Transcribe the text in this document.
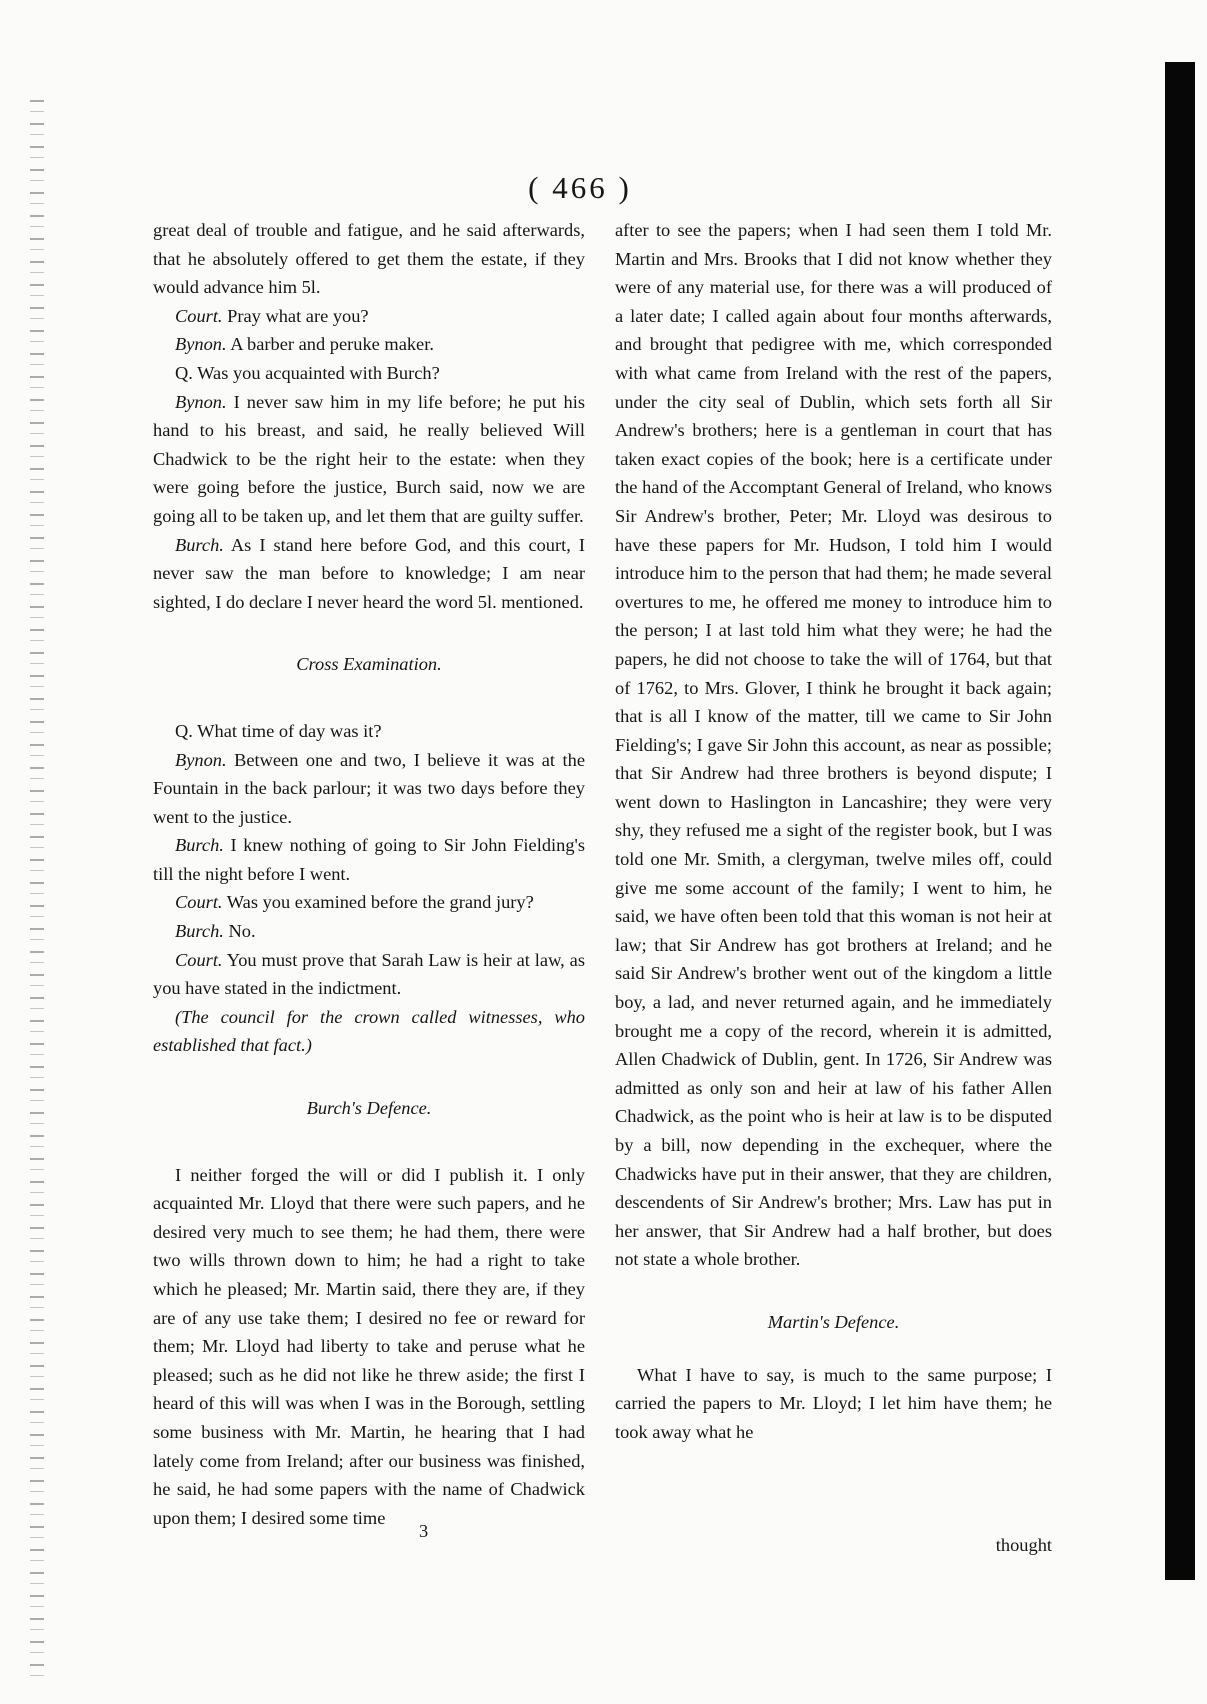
( 466 )

great deal of trouble and fatigue, and he said afterwards, that he absolutely offered to get them the estate, if they would advance him 5l.

Court. Pray what are you?

Bynon. A barber and peruke maker.

Q. Was you acquainted with Burch?

Bynon. I never saw him in my life before; he put his hand to his breast, and said, he really believed Will Chadwick to be the right heir to the estate: when they were going before the justice, Burch said, now we are going all to be taken up, and let them that are guilty suffer.

Burch. As I stand here before God, and this court, I never saw the man before to knowledge; I am near sighted, I do declare I never heard the word 5l. mentioned.

Cross Examination.

Q. What time of day was it?

Bynon. Between one and two, I believe it was at the Fountain in the back parlour; it was two days before they went to the justice.

Burch. I knew nothing of going to Sir John Fielding's till the night before I went.

Court. Was you examined before the grand jury?

Burch. No.

Court. You must prove that Sarah Law is heir at law, as you have stated in the indictment.

(The council for the crown called witnesses, who established that fact.)

Burch's Defence.

I neither forged the will or did I publish it. I only acquainted Mr. Lloyd that there were such papers, and he desired very much to see them; he had them, there were two wills thrown down to him; he had a right to take which he pleased; Mr. Martin said, there they are, if they are of any use take them; I desired no fee or reward for them; Mr. Lloyd had liberty to take and peruse what he pleased; such as he did not like he threw aside; the first I heard of this will was when I was in the Borough, settling some business with Mr. Martin, he hearing that I had lately come from Ireland; after our business was finished, he said, he had some papers with the name of Chadwick upon them; I desired some time

after to see the papers; when I had seen them I told Mr. Martin and Mrs. Brooks that I did not know whether they were of any material use, for there was a will produced of a later date; I called again about four months afterwards, and brought that pedigree with me, which corresponded with what came from Ireland with the rest of the papers, under the city seal of Dublin, which sets forth all Sir Andrew's brothers; here is a gentleman in court that has taken exact copies of the book; here is a certificate under the hand of the Accomptant General of Ireland, who knows Sir Andrew's brother, Peter; Mr. Lloyd was desirous to have these papers for Mr. Hudson, I told him I would introduce him to the person that had them; he made several overtures to me, he offered me money to introduce him to the person; I at last told him what they were; he had the papers, he did not choose to take the will of 1764, but that of 1762, to Mrs. Glover, I think he brought it back again; that is all I know of the matter, till we came to Sir John Fielding's; I gave Sir John this account, as near as possible; that Sir Andrew had three brothers is beyond dispute; I went down to Haslington in Lancashire; they were very shy, they refused me a sight of the register book, but I was told one Mr. Smith, a clergyman, twelve miles off, could give me some account of the family; I went to him, he said, we have often been told that this woman is not heir at law; that Sir Andrew has got brothers at Ireland; and he said Sir Andrew's brother went out of the kingdom a little boy, a lad, and never returned again, and he immediately brought me a copy of the record, wherein it is admitted, Allen Chadwick of Dublin, gent. In 1726, Sir Andrew was admitted as only son and heir at law of his father Allen Chadwick, as the point who is heir at law is to be disputed by a bill, now depending in the exchequer, where the Chadwicks have put in their answer, that they are children, descendents of Sir Andrew's brother; Mrs. Law has put in her answer, that Sir Andrew had a half brother, but does not state a whole brother.

Martin's Defence.

What I have to say, is much to the same purpose; I carried the papers to Mr. Lloyd; I let him have them; he took away what he

3
thought
